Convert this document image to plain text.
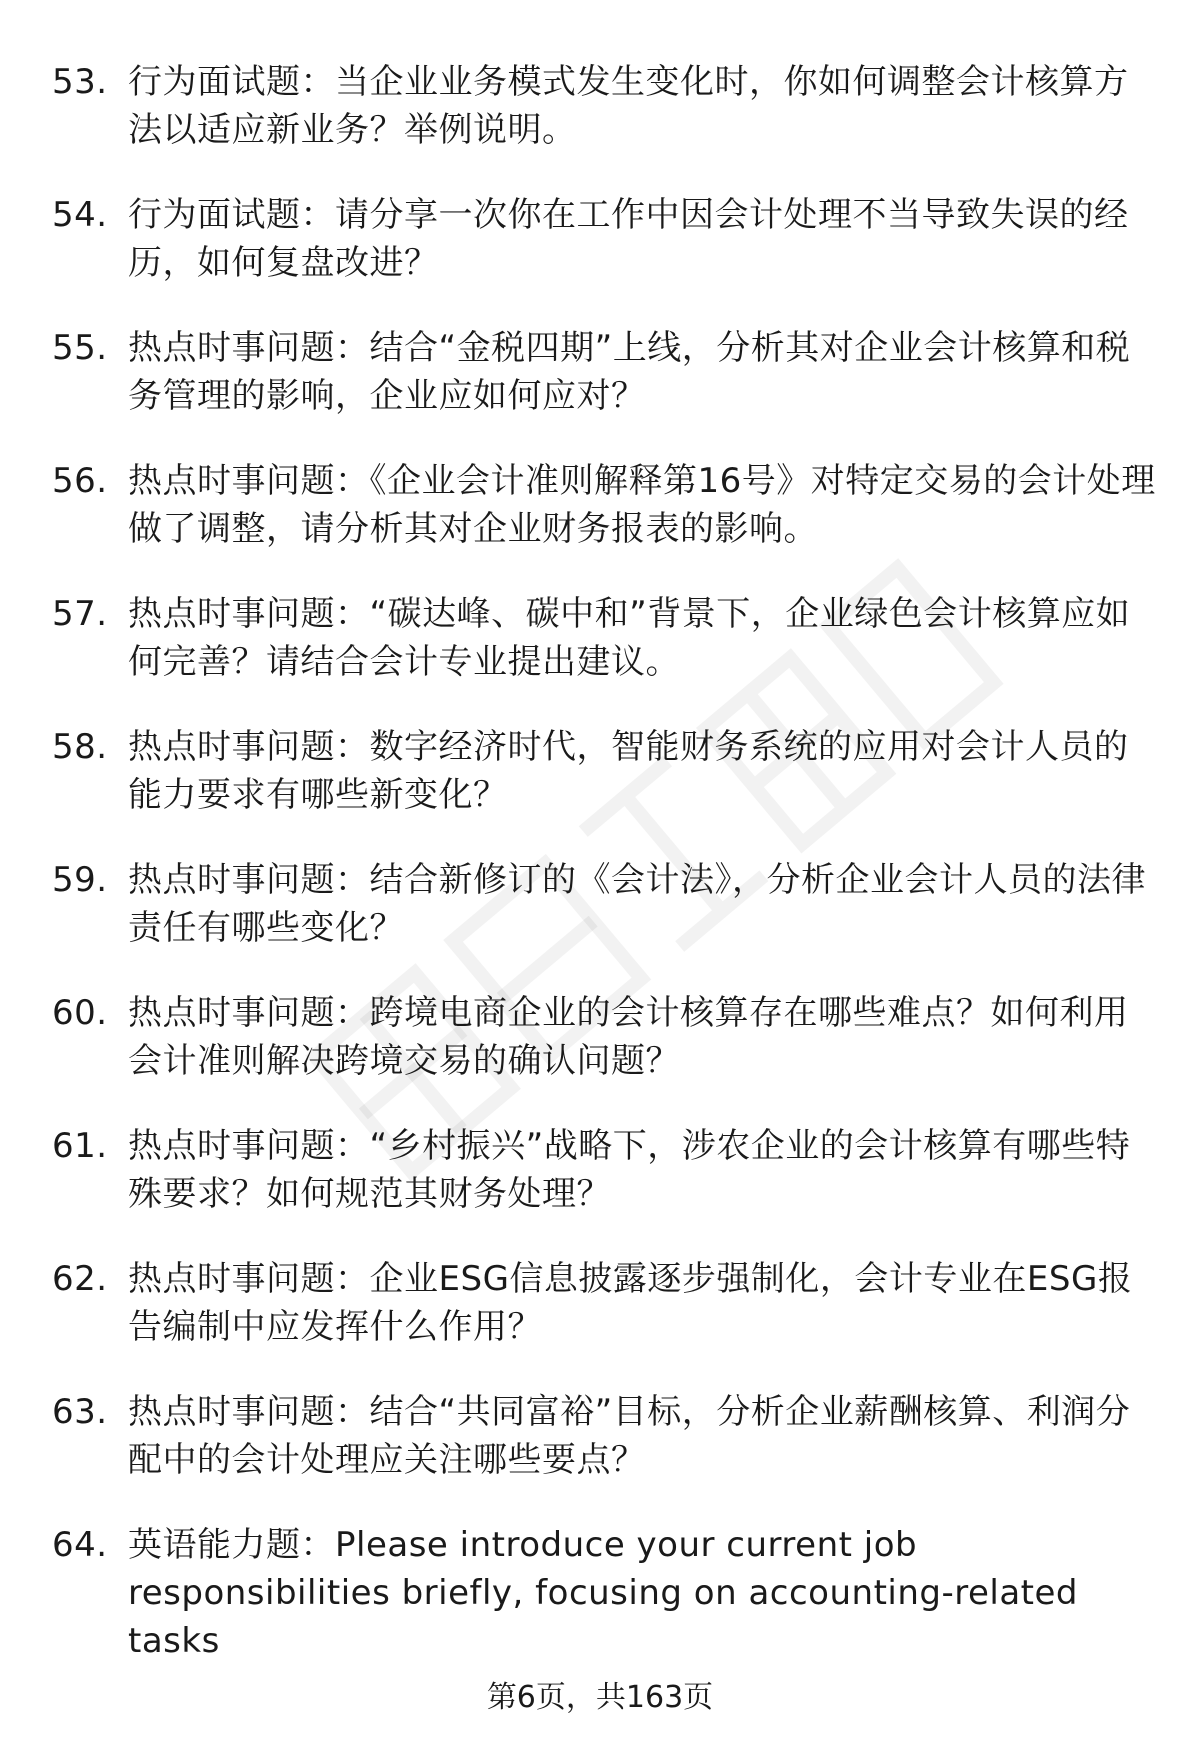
53. 行为面试题：当企业业务模式发生变化时，你如何调整会计核算方法以适应新业务？举例说明。
54. 行为面试题：请分享一次你在工作中因会计处理不当导致失误的经历，如何复盘改进？
55. 热点时事问题：结合“金税四期”上线，分析其对企业会计核算和税务管理的影响，企业应如何应对？
56. 热点时事问题：《企业会计准则解释第16号》对特定交易的会计处理做了调整，请分析其对企业财务报表的影响。
57. 热点时事问题：“碳达峰、碳中和”背景下，企业绿色会计核算应如何完善？请结合会计专业提出建议。
58. 热点时事问题：数字经济时代，智能财务系统的应用对会计人员的能力要求有哪些新变化？
59. 热点时事问题：结合新修订的《会计法》，分析企业会计人员的法律责任有哪些变化？
60. 热点时事问题：跨境电商企业的会计核算存在哪些难点？如何利用会计准则解决跨境交易的确认问题？
61. 热点时事问题：“乡村振兴”战略下，涉农企业的会计核算有哪些特殊要求？如何规范其财务处理？
62. 热点时事问题：企业ESG信息披露逐步强制化，会计专业在ESG报告编制中应发挥什么作用？
63. 热点时事问题：结合“共同富裕”目标，分析企业薪酬核算、利润分配中的会计处理应关注哪些要点？
64. 英语能力题：Please introduce your current job responsibilities briefly, focusing on accounting-related tasks
第6页，共163页
